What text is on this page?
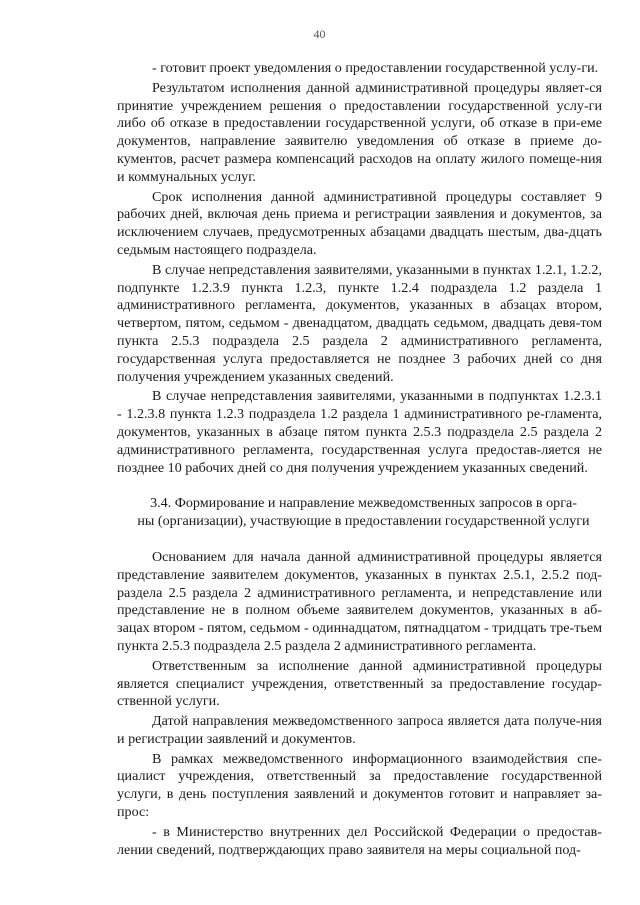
40

- готовит проект уведомления о предоставлении государственной услу-ги.

Результатом исполнения данной административной процедуры являет-ся принятие учреждением решения о предоставлении государственной услу-ги либо об отказе в предоставлении государственной услуги, об отказе в при-еме документов, направление заявителю уведомления об отказе в приеме до-кументов, расчет размера компенсаций расходов на оплату жилого помеще-ния и коммунальных услуг.

Срок исполнения данной административной процедуры составляет 9 рабочих дней, включая день приема и регистрации заявления и документов, за исключением случаев, предусмотренных абзацами двадцать шестым, два-дцать седьмым настоящего подраздела.

В случае непредставления заявителями, указанными в пунктах 1.2.1, 1.2.2, подпункте 1.2.3.9 пункта 1.2.3, пункте 1.2.4 подраздела 1.2 раздела 1 административного регламента, документов, указанных в абзацах втором, четвертом, пятом, седьмом - двенадцатом, двадцать седьмом, двадцать девя-том пункта 2.5.3 подраздела 2.5 раздела 2 административного регламента, государственная услуга предоставляется не позднее 3 рабочих дней со дня получения учреждением указанных сведений.

В случае непредставления заявителями, указанными в подпунктах 1.2.3.1 - 1.2.3.8 пункта 1.2.3 подраздела 1.2 раздела 1 административного ре-гламента, документов, указанных в абзаце пятом пункта 2.5.3 подраздела 2.5 раздела 2 административного регламента, государственная услуга предостав-ляется не позднее 10 рабочих дней со дня получения учреждением указанных сведений.

3.4. Формирование и направление межведомственных запросов в орга-
ны (организации), участвующие в предоставлении государственной услуги

Основанием для начала данной административной процедуры является представление заявителем документов, указанных в пунктах 2.5.1, 2.5.2 под-раздела 2.5 раздела 2 административного регламента, и непредставление или представление не в полном объеме заявителем документов, указанных в аб-зацах втором - пятом, седьмом - одиннадцатом, пятнадцатом - тридцать тре-тьем пункта 2.5.3 подраздела 2.5 раздела 2 административного регламента.

Ответственным за исполнение данной административной процедуры является специалист учреждения, ответственный за предоставление государ-ственной услуги.

Датой направления межведомственного запроса является дата получе-ния и регистрации заявлений и документов.

В рамках межведомственного информационного взаимодействия спе-циалист учреждения, ответственный за предоставление государственной услуги, в день поступления заявлений и документов готовит и направляет за-прос:

- в Министерство внутренних дел Российской Федерации о предостав-лении сведений, подтверждающих право заявителя на меры социальной под-
